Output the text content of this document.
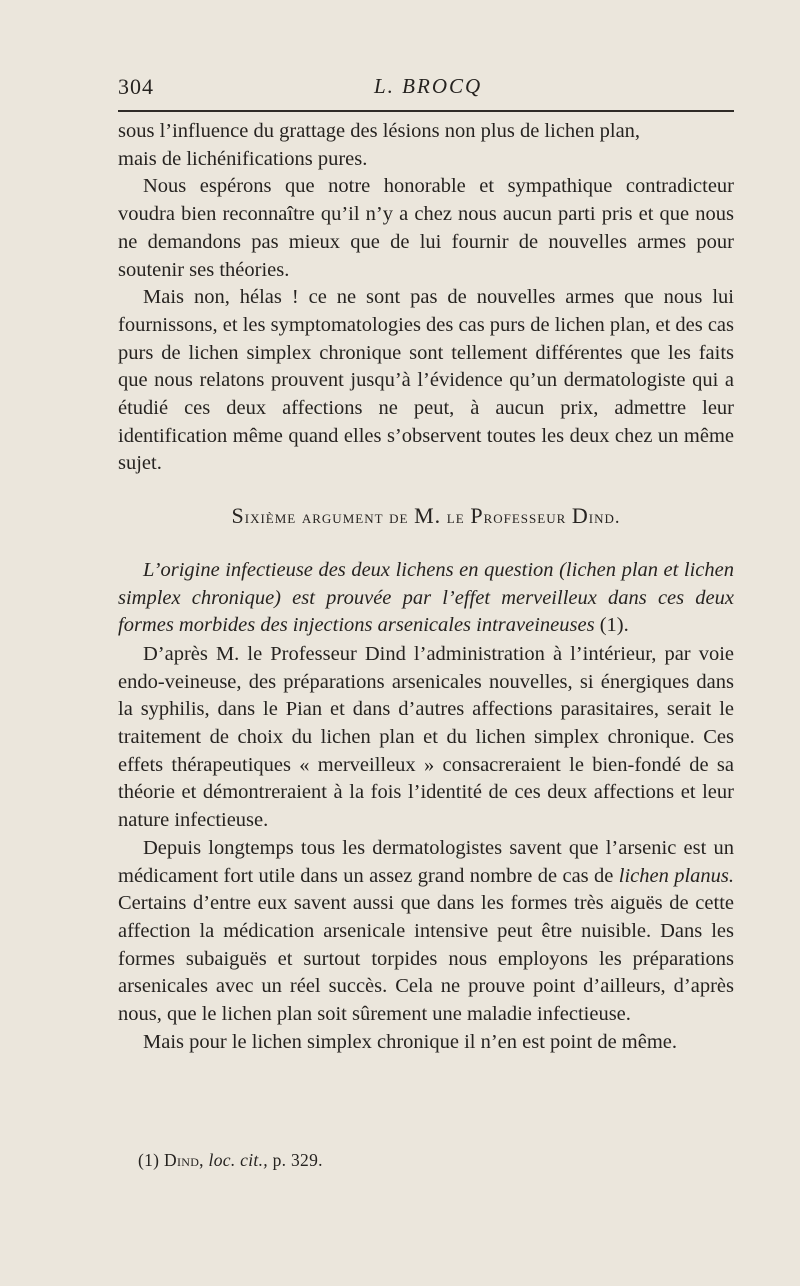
304	L. BROCQ

sous l’influence du grattage des lésions non plus de lichen plan,
mais de lichénifications pures.

Nous espérons que notre honorable et sympathique contradicteur voudra bien reconnaître qu’il n’y a chez nous aucun parti pris et que nous ne demandons pas mieux que de lui fournir de nouvelles armes pour soutenir ses théories.

Mais non, hélas ! ce ne sont pas de nouvelles armes que nous lui fournissons, et les symptomatologies des cas purs de lichen plan, et des cas purs de lichen simplex chronique sont tellement différentes que les faits que nous relatons prouvent jusqu’à l’évidence qu’un dermatologiste qui a étudié ces deux affections ne peut, à aucun prix, admettre leur identification même quand elles s’observent toutes les deux chez un même sujet.

Sixième argument de M. le Professeur Dind.

L’origine infectieuse des deux lichens en question (lichen plan et lichen simplex chronique) est prouvée par l’effet merveilleux dans ces deux formes morbides des injections arsenicales intraveineuses (1).

D’après M. le Professeur Dind l’administration à l’intérieur, par voie endo-veineuse, des préparations arsenicales nouvelles, si énergiques dans la syphilis, dans le Pian et dans d’autres affections parasitaires, serait le traitement de choix du lichen plan et du lichen simplex chronique. Ces effets thérapeutiques « merveilleux » consacreraient le bien-fondé de sa théorie et démontreraient à la fois l’identité de ces deux affections et leur nature infectieuse.

Depuis longtemps tous les dermatologistes savent que l’arsenic est un médicament fort utile dans un assez grand nombre de cas de lichen planus. Certains d’entre eux savent aussi que dans les formes très aiguës de cette affection la médication arsenicale intensive peut être nuisible. Dans les formes subaiguës et surtout torpides nous employons les préparations arsenicales avec un réel succès. Cela ne prouve point d’ailleurs, d’après nous, que le lichen plan soit sûrement une maladie infectieuse.

Mais pour le lichen simplex chronique il n’en est point de même.

(1) Dind, loc. cit., p. 329.
